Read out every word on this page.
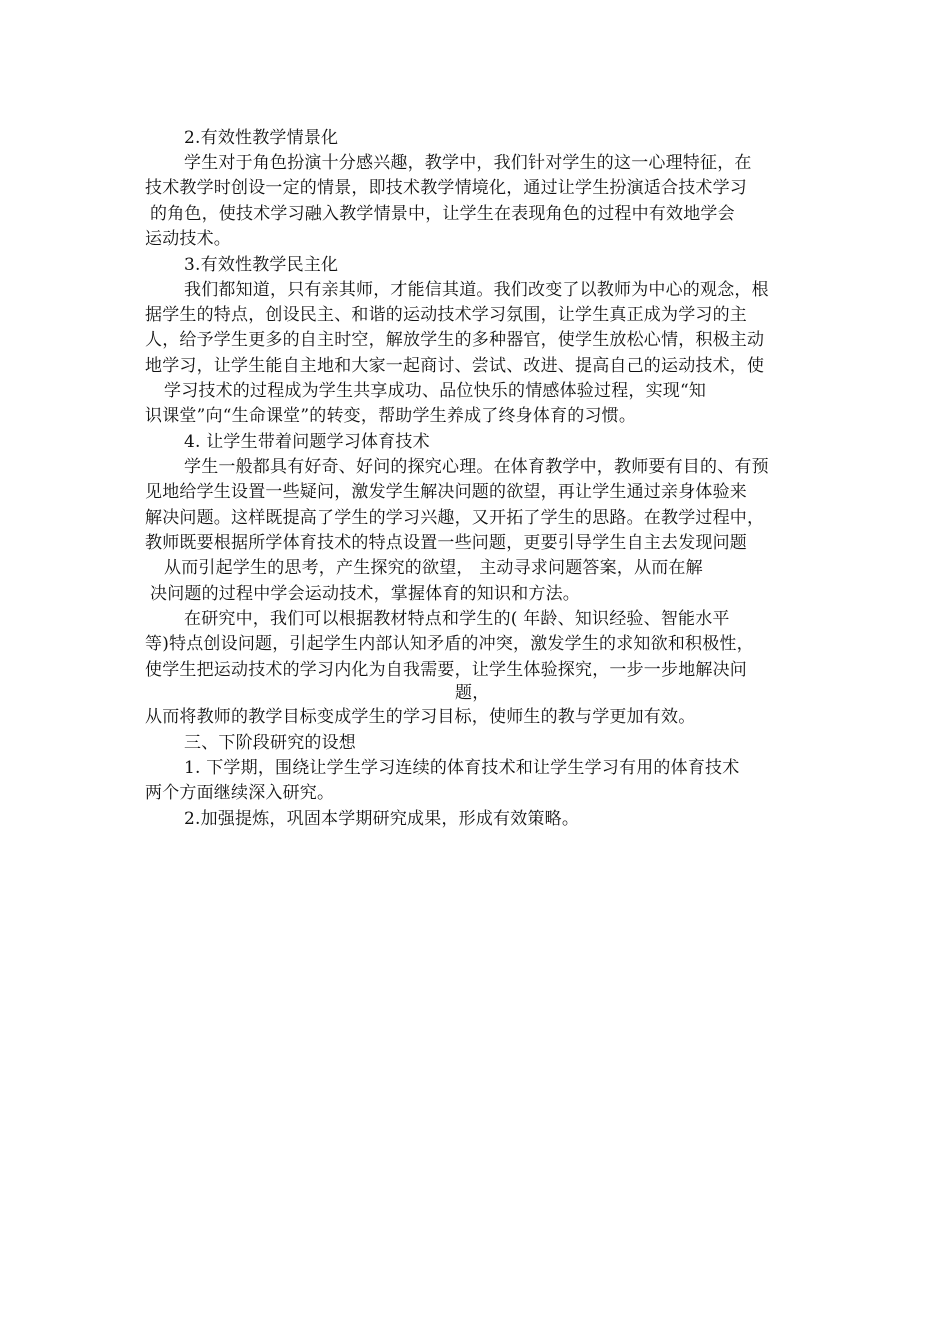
2.有效性教学情景化
学生对于角色扮演十分感兴趣，教学中，我们针对学生的这一心理特征，在
技术教学时创设一定的情景，即技术教学情境化，通过让学生扮演适合技术学习
的角色，使技术学习融入教学情景中，让学生在表现角色的过程中有效地学会
运动技术。
3.有效性教学民主化
我们都知道，只有亲其师，才能信其道。我们改变了以教师为中心的观念，根
据学生的特点，创设民主、和谐的运动技术学习氛围，让学生真正成为学习的主
人，给予学生更多的自主时空，解放学生的多种器官，使学生放松心情，积极主动
地学习，让学生能自主地和大家一起商讨、尝试、改进、提高自己的运动技术，使
学习技术的过程成为学生共享成功、品位快乐的情感体验过程，实现“知
识课堂”向“生命课堂”的转变，帮助学生养成了终身体育的习惯。
4. 让学生带着问题学习体育技术
学生一般都具有好奇、好问的探究心理。在体育教学中，教师要有目的、有预
见地给学生设置一些疑问，激发学生解决问题的欲望，再让学生通过亲身体验来
解决问题。这样既提高了学生的学习兴趣，又开拓了学生的思路。在教学过程中，
教师既要根据所学体育技术的特点设置一些问题，更要引导学生自主去发现问题
从而引起学生的思考，产生探究的欲望， 主动寻求问题答案，从而在解
决问题的过程中学会运动技术，掌握体育的知识和方法。
在研究中，我们可以根据教材特点和学生的( 年龄、知识经验、智能水平
等)特点创设问题，引起学生内部认知矛盾的冲突，激发学生的求知欲和积极性，
使学生把运动技术的学习内化为自我需要，让学生体验探究，一步一步地解决问
题，
从而将教师的教学目标变成学生的学习目标，使师生的教与学更加有效。
三、下阶段研究的设想
1. 下学期，围绕让学生学习连续的体育技术和让学生学习有用的体育技术
两个方面继续深入研究。
2.加强提炼，巩固本学期研究成果，形成有效策略。
